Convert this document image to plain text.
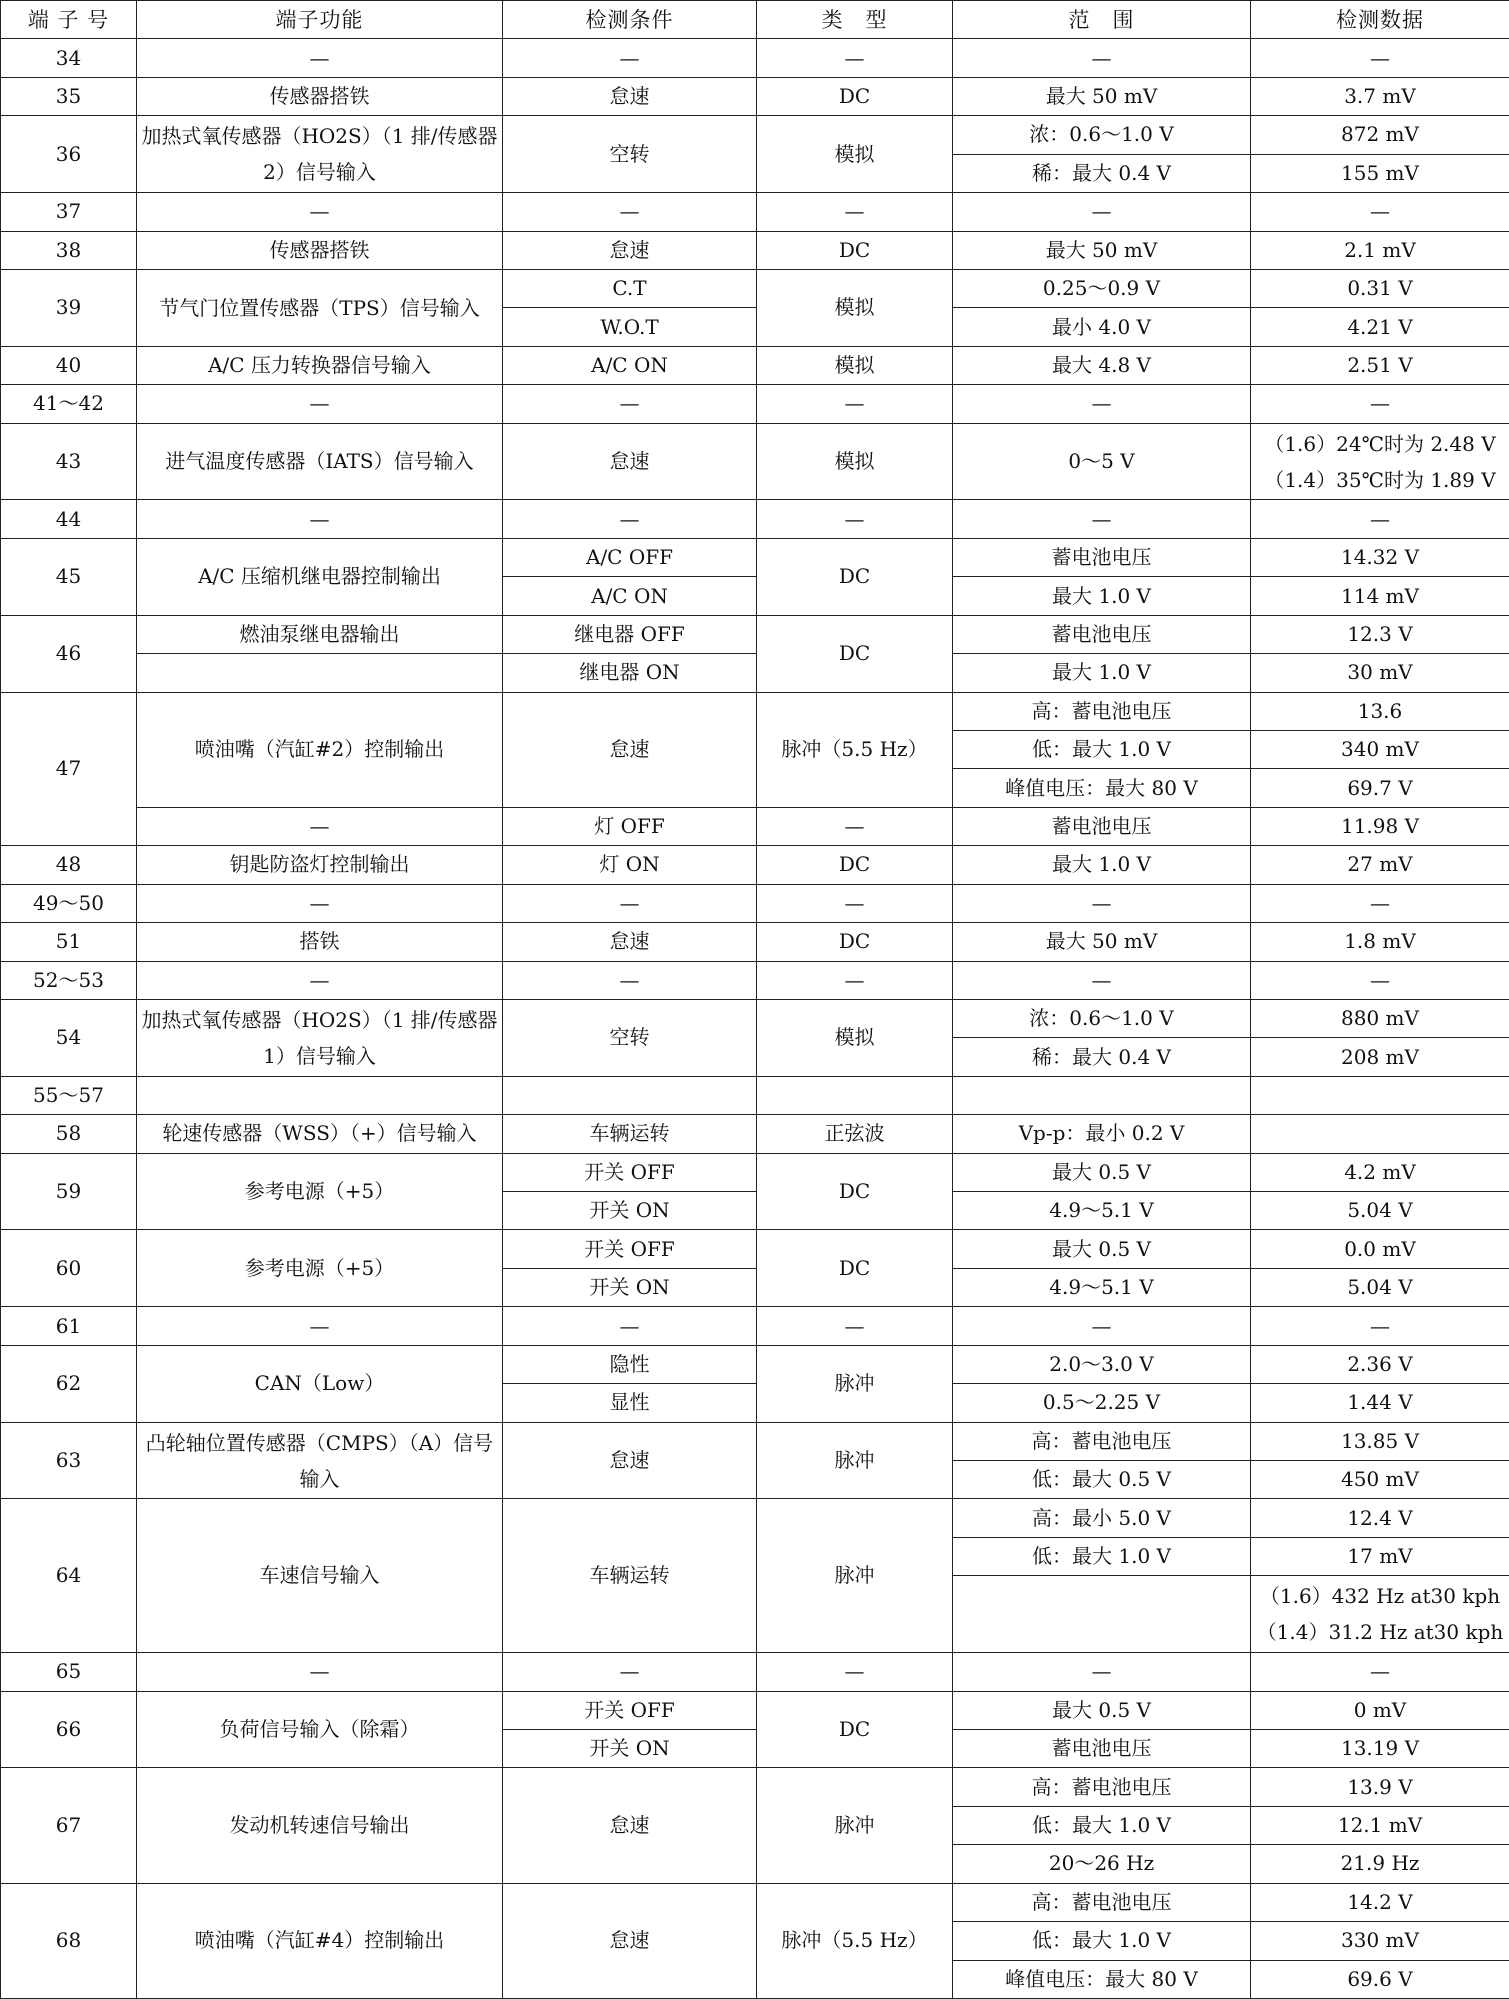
端 子 号	端子功能	检测条件	类　型	范　围	检测数据
34	—	—	—	—	—
35	传感器搭铁	怠速	DC	最大 50 mV	3.7 mV
36	加热式氧传感器（HO2S）（1 排/传感器 2）信号输入	空转	模拟	浓：0.6～1.0 V	872 mV
				稀：最大 0.4 V	155 mV
37	—	—	—	—	—
38	传感器搭铁	怠速	DC	最大 50 mV	2.1 mV
39	节气门位置传感器（TPS）信号输入	C.T	模拟	0.25～0.9 V	0.31 V
		W.O.T		最小 4.0 V	4.21 V
40	A/C 压力转换器信号输入	A/C ON	模拟	最大 4.8 V	2.51 V
41～42	—	—	—	—	—
43	进气温度传感器（IATS）信号输入	怠速	模拟	0～5 V	（1.6）24℃时为 2.48 V
（1.4）35℃时为 1.89 V

44	—	—	—	—	—
45	A/C 压缩机继电器控制输出	A/C OFF	DC	蓄电池电压	14.32 V
		A/C ON		最大 1.0 V	114 mV
46	燃油泵继电器输出	继电器 OFF	DC	蓄电池电压	12.3 V
		继电器 ON		最大 1.0 V	30 mV
47	喷油嘴（汽缸#2）控制输出	怠速	脉冲（5.5 Hz）	高：蓄电池电压	13.6
				低：最大 1.0 V	340 mV
				峰值电压：最大 80 V	69.7 V
	—	灯 OFF	—	蓄电池电压	11.98 V
48	钥匙防盗灯控制输出	灯 ON	DC	最大 1.0 V	27 mV
49～50	—	—	—	—	—
51	搭铁	怠速	DC	最大 50 mV	1.8 mV
52～53	—	—	—	—	—
54	加热式氧传感器（HO2S）（1 排/传感器 1）信号输入	空转	模拟	浓：0.6～1.0 V	880 mV
				稀：最大 0.4 V	208 mV
55～57					
58	轮速传感器（WSS）（+）信号输入	车辆运转	正弦波	Vp-p：最小 0.2 V	
59	参考电源（+5）	开关 OFF	DC	最大 0.5 V	4.2 mV
		开关 ON		4.9～5.1 V	5.04 V
60	参考电源（+5）	开关 OFF	DC	最大 0.5 V	0.0 mV
		开关 ON		4.9～5.1 V	5.04 V
61	—	—	—	—	—
62	CAN（Low）	隐性	脉冲	2.0～3.0 V	2.36 V
		显性		0.5～2.25 V	1.44 V
63	凸轮轴位置传感器（CMPS）（A）信号输入	怠速	脉冲	高：蓄电池电压	13.85 V
				低：最大 0.5 V	450 mV
64	车速信号输入	车辆运转	脉冲	高：最小 5.0 V	12.4 V
				低：最大 1.0 V	17 mV

					（1.6）432 Hz at30 kph
（1.4）31.2 Hz at30 kph

65	—	—	—	—	—
66	负荷信号输入（除霜）	开关 OFF	DC	最大 0.5 V	0 mV
		开关 ON		蓄电池电压	13.19 V
67	发动机转速信号输出	怠速	脉冲	高：蓄电池电压	13.9 V
				低：最大 1.0 V	12.1 mV
				20～26 Hz	21.9 Hz
68	喷油嘴（汽缸#4）控制输出	怠速	脉冲（5.5 Hz）	高：蓄电池电压	14.2 V
				低：最大 1.0 V	330 mV
				峰值电压：最大 80 V	69.6 V
